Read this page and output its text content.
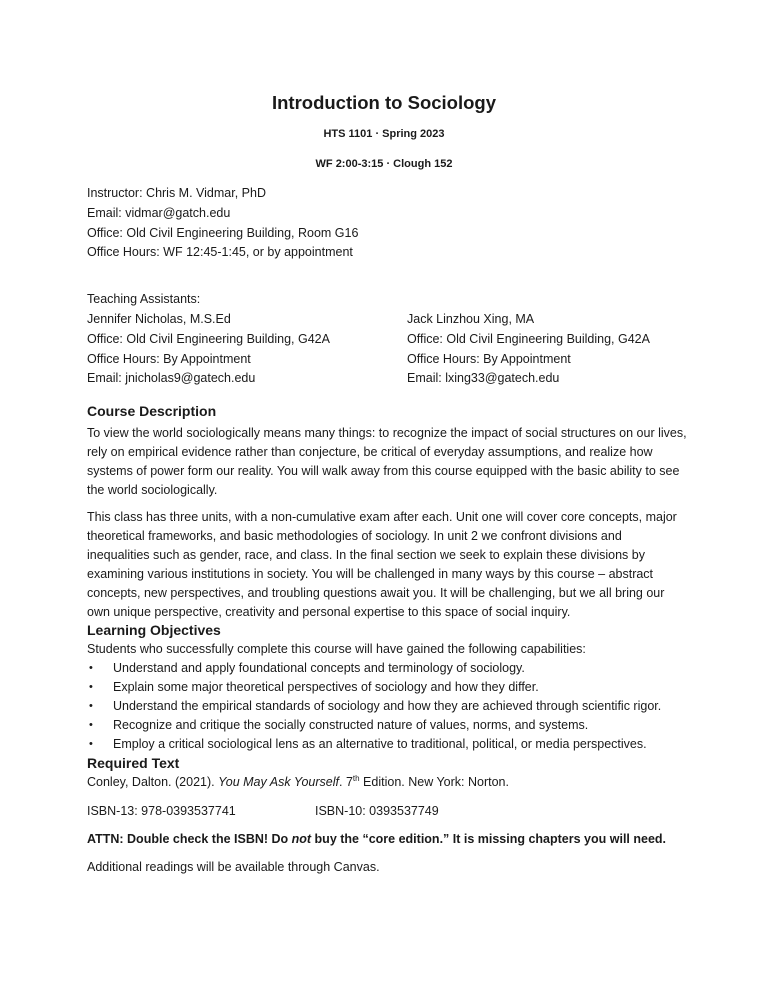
Introduction to Sociology
HTS 1101 · Spring 2023
WF 2:00-3:15 · Clough 152
Instructor: Chris M. Vidmar, PhD
Email: vidmar@gatch.edu
Office: Old Civil Engineering Building, Room G16
Office Hours: WF 12:45-1:45, or by appointment
Teaching Assistants:
Jennifer Nicholas, M.S.Ed
Office: Old Civil Engineering Building, G42A
Office Hours: By Appointment
Email: jnicholas9@gatech.edu
Jack Linzhou Xing, MA
Office: Old Civil Engineering Building, G42A
Office Hours: By Appointment
Email: lxing33@gatech.edu
Course Description

To view the world sociologically means many things: to recognize the impact of social structures on our lives, rely on empirical evidence rather than conjecture, be critical of everyday assumptions, and realize how systems of power form our reality. You will walk away from this course equipped with the basic ability to see the world sociologically.

This class has three units, with a non-cumulative exam after each. Unit one will cover core concepts, major theoretical frameworks, and basic methodologies of sociology. In unit 2 we confront divisions and inequalities such as gender, race, and class. In the final section we seek to explain these divisions by examining various institutions in society. You will be challenged in many ways by this course – abstract concepts, new perspectives, and troubling questions await you. It will be challenging, but we all bring our own unique perspective, creativity and personal expertise to this space of social inquiry.

Learning Objectives

Students who successfully complete this course will have gained the following capabilities:

• Understand and apply foundational concepts and terminology of sociology.
• Explain some major theoretical perspectives of sociology and how they differ.
• Understand the empirical standards of sociology and how they are achieved through scientific rigor.
• Recognize and critique the socially constructed nature of values, norms, and systems.
• Employ a critical sociological lens as an alternative to traditional, political, or media perspectives.
Required Text

Conley, Dalton. (2021). You May Ask Yourself. 7th Edition. New York: Norton.

ISBN-13: 978-0393537741	ISBN-10: 0393537749

ATTN: Double check the ISBN! Do not buy the “core edition.” It is missing chapters you will need.

Additional readings will be available through Canvas.
